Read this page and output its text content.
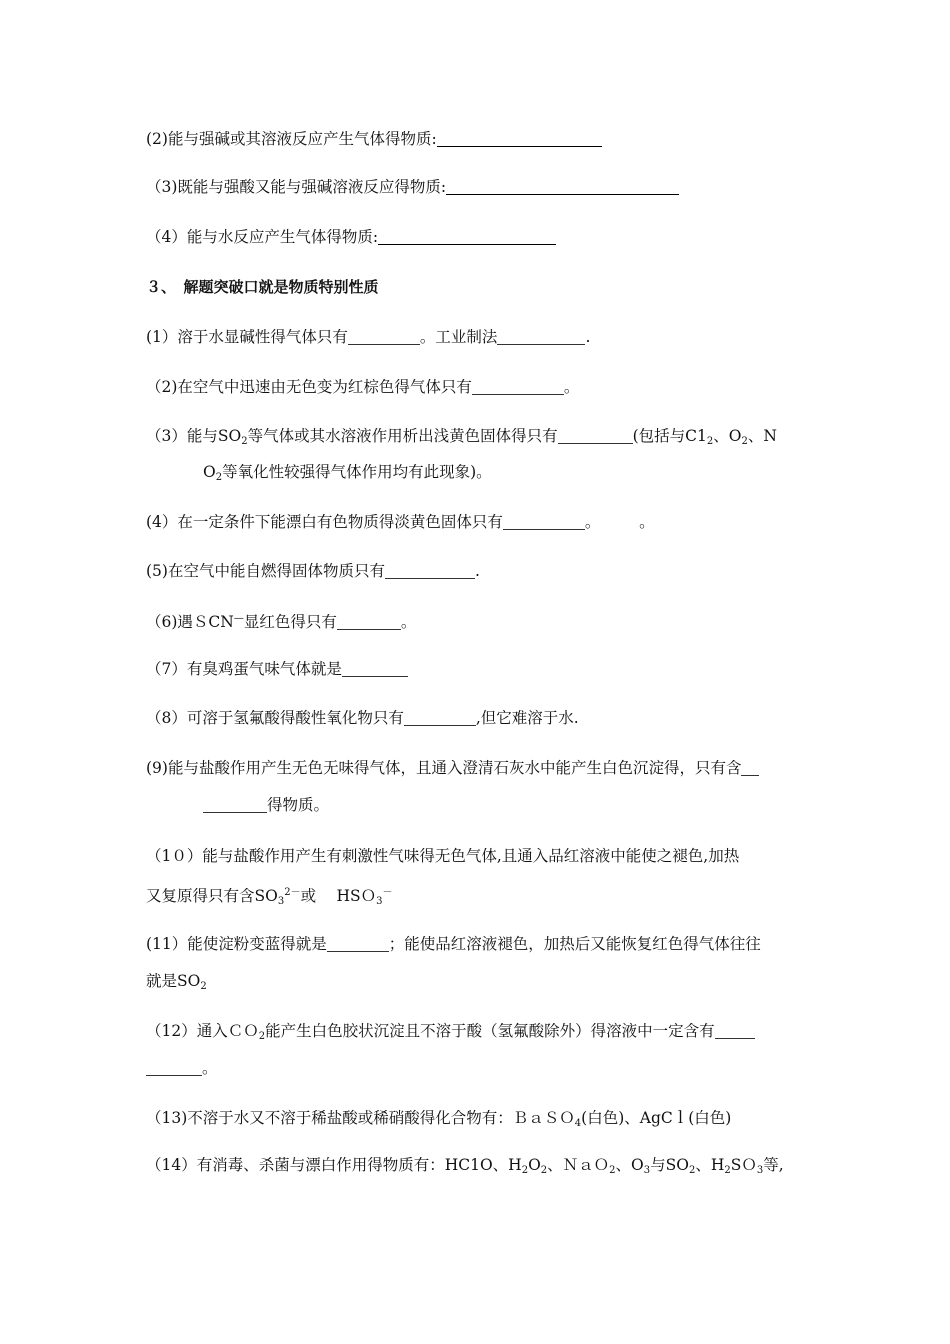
(2)能与强碱或其溶液反应产生气体得物质:
（3)既能与强酸又能与强碱溶液反应得物质:
（4）能与水反应产生气体得物质:
３、　解题突破口就是物质特别性质
(1）溶于水显碱性得气体只有	。工业制法	.
（2)在空气中迅速由无色变为红棕色得气体只有	。
（3）能与$SO_2$等气体或其水溶液作用析出浅黄色固体得只有	(包括与$C1_2$、$O_2$、N
$O_2$等氧化性较强得气体作用均有此现象)。
(4）在一定条件下能漂白有色物质得淡黄色固体只有	。　　　。
(5)在空气中能自燃得固体物质只有	.
（6)遇ＳCN—显红色得只有	。
（7）有臭鸡蛋气味气体就是
（8）可溶于氢氟酸得酸性氧化物只有	,但它难溶于水.
(9)能与盐酸作用产生无色无味得气体，且通入澄清石灰水中能产生白色沉淀得，只有含
得物质。
（1０）能与盐酸作用产生有刺激性气味得无色气体,且通入品红溶液中能使之褪色,加热
又复原得只有含$SO_3^{2-}$或　 HSＯ$_3$－
(11）能使淀粉变蓝得就是	；能使品红溶液褪色，加热后又能恢复红色得气体往往
就是$SO_2$
（12）通入ＣＯ$_2$能产生白色胶状沉淀且不溶于酸（氢氟酸除外）得溶液中一定含有
。
（13)不溶于水又不溶于稀盐酸或稀硝酸得化合物有：ＢａＳＯ$_4$(白色)、AgCｌ(白色)
（14）有消毒、杀菌与漂白作用得物质有：HC1O、$H_2O_2$、ＮａＯ$_2$、$O_3$与$SO_2$、$H_2SO_3$等,
